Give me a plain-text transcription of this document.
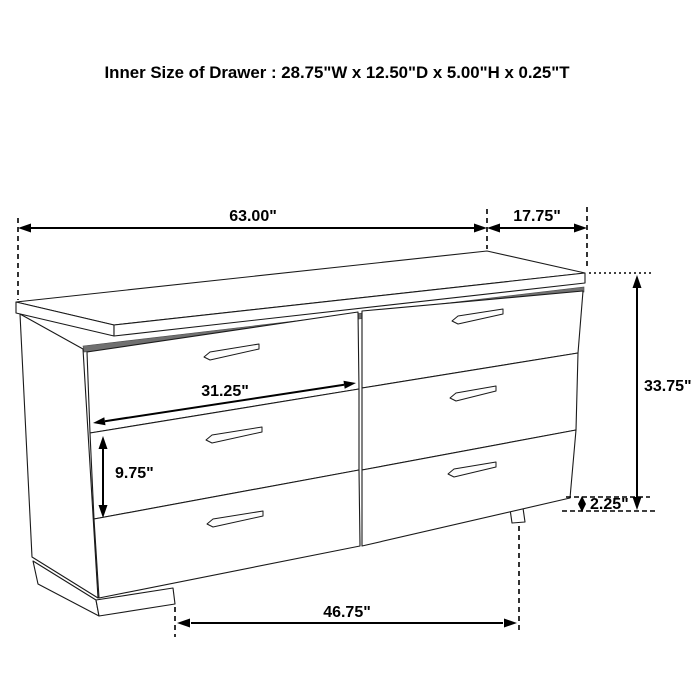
Inner Size of Drawer : 28.75"W x 12.50"D x 5.00"H x 0.25"T
63.00"	17.75"
33.75"
2.25"
46.75"
31.25"
9.75"
